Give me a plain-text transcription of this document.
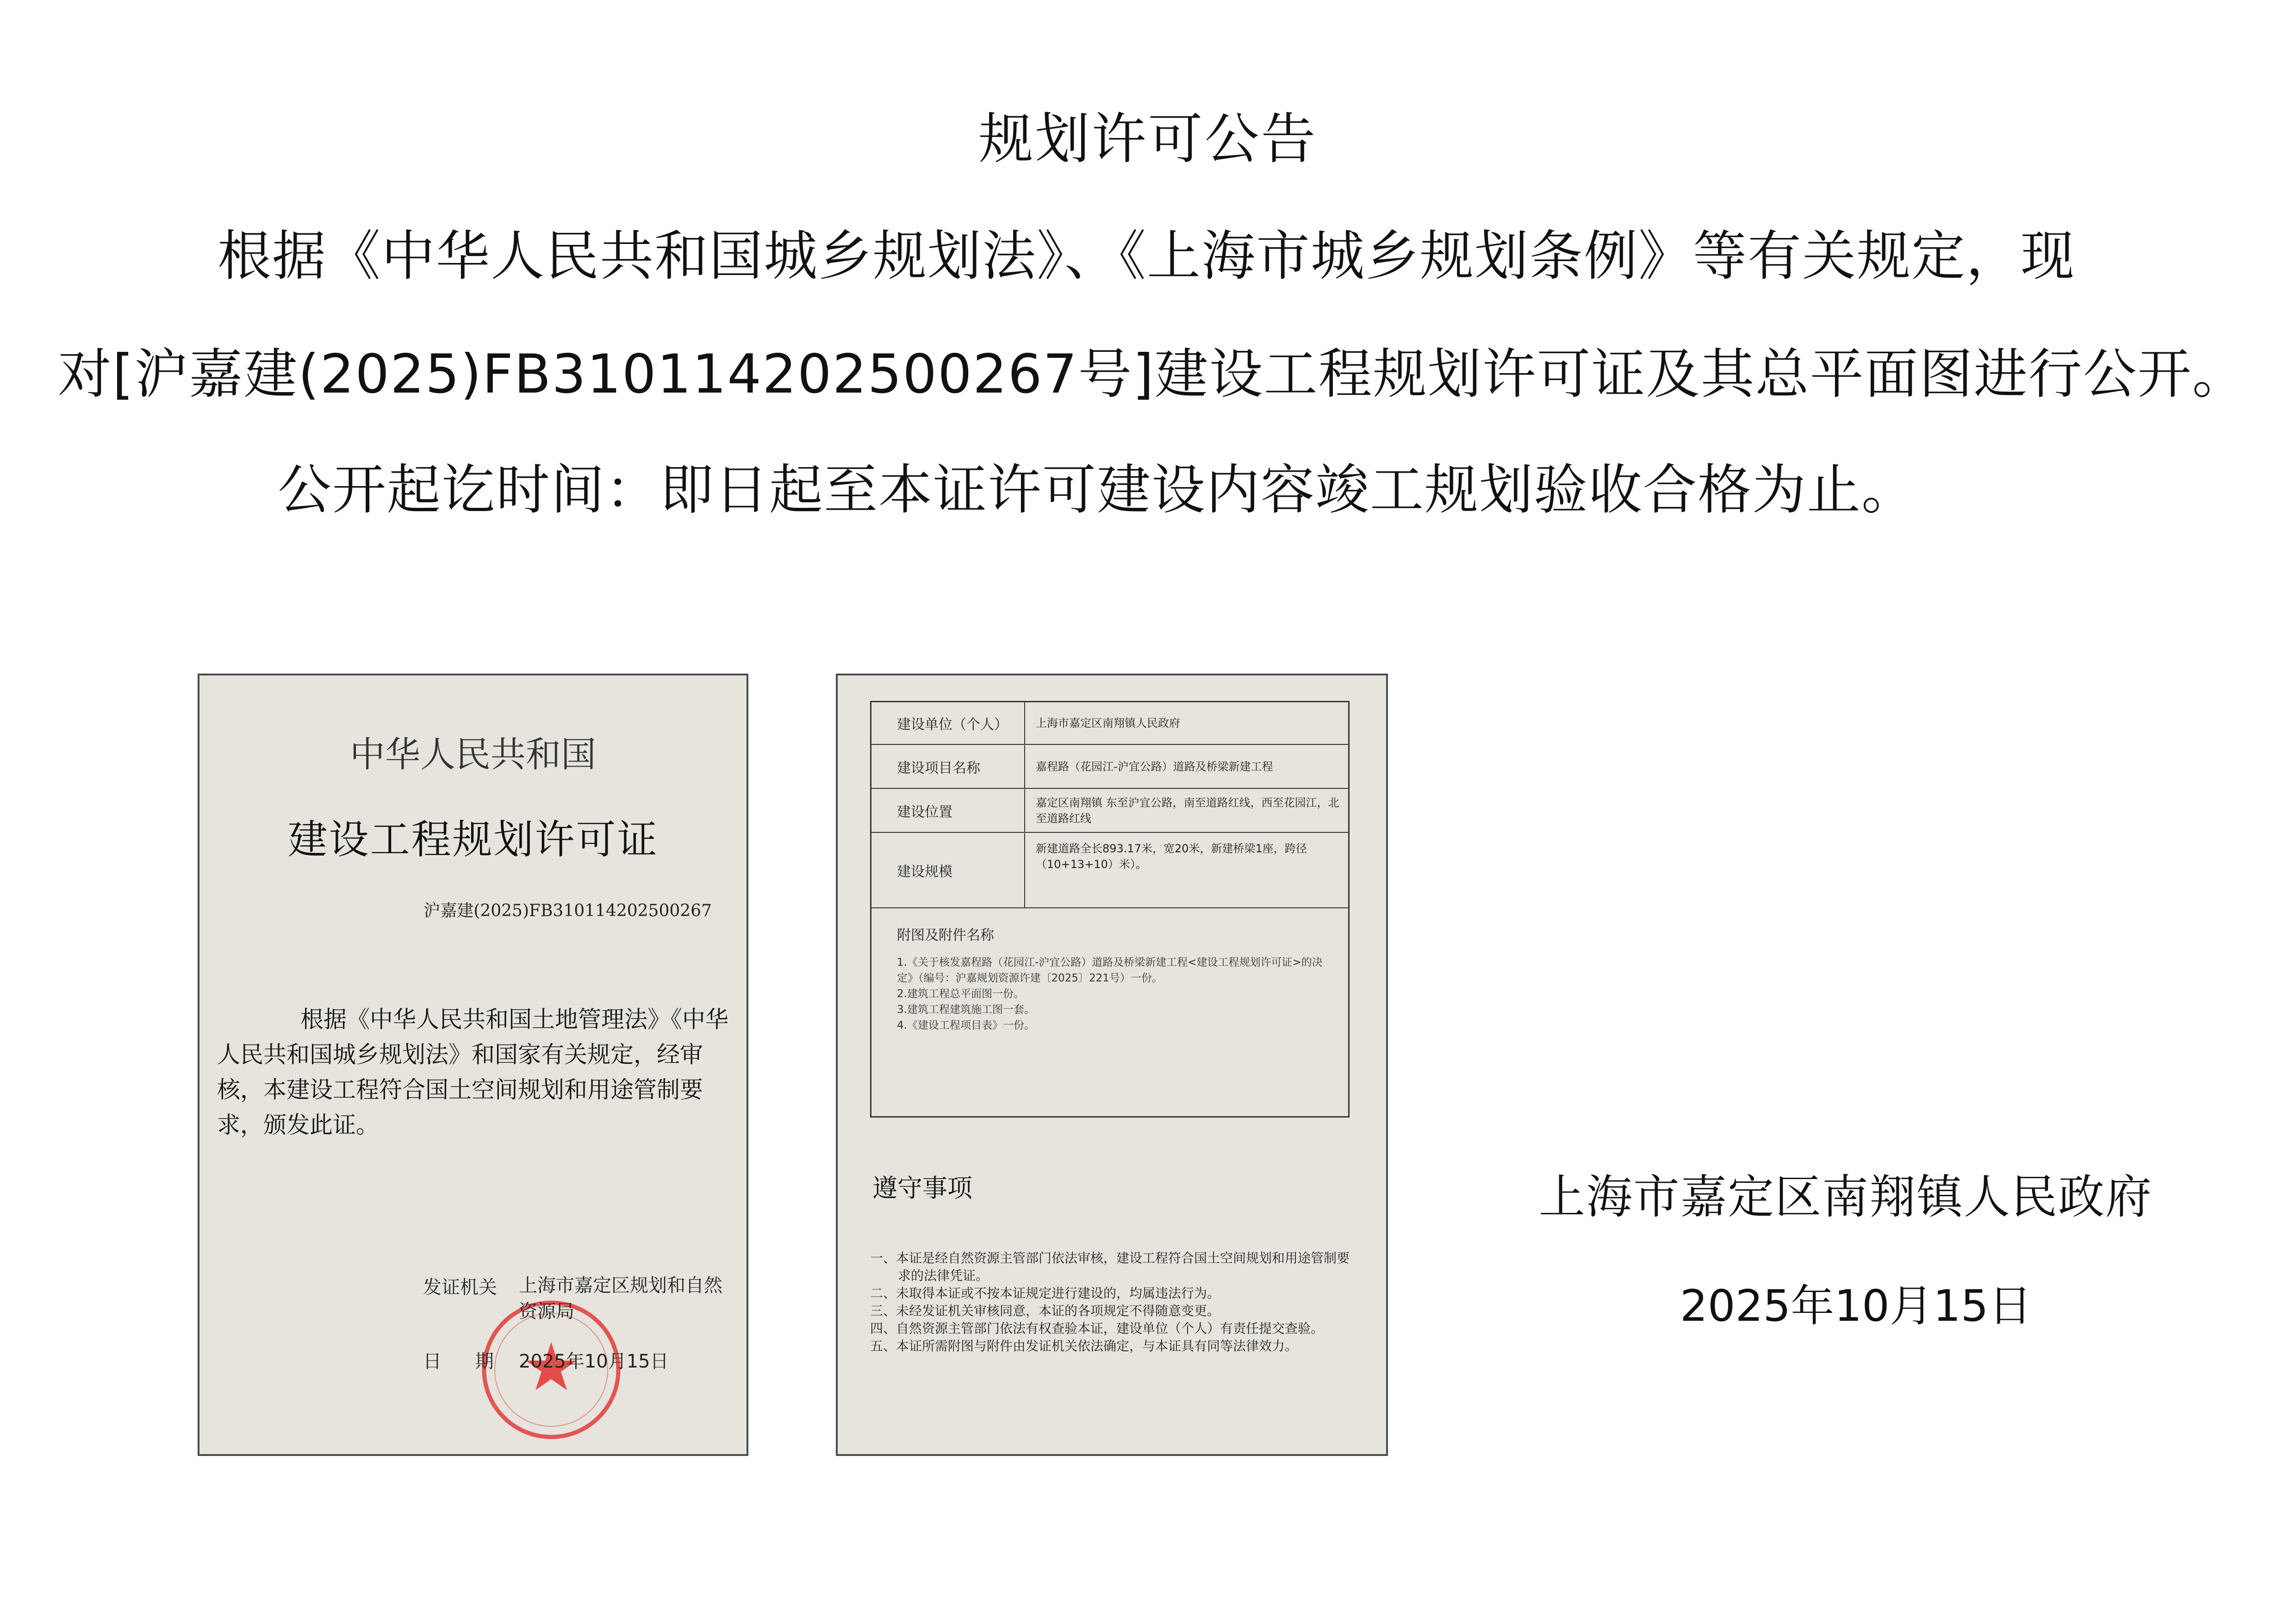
规划许可公告
根据《中华人民共和国城乡规划法》、《上海市城乡规划条例》等有关规定，现
对[沪嘉建(2025)FB310114202500267号]建设工程规划许可证及其总平面图进行公开。
公开起讫时间：即日起至本证许可建设内容竣工规划验收合格为止。
中华人民共和国
建设工程规划许可证
沪嘉建(2025)FB310114202500267
根据《中华人民共和国土地管理法》《中华人民共和国城乡规划法》和国家有关规定，经审核，本建设工程符合国土空间规划和用途管制要求，颁发此证。
发证机关 上海市嘉定区规划和自然资源局
日 期 2025年10月15日
建设单位（个人）	上海市嘉定区南翔镇人民政府
建设项目名称	嘉程路（花园江-沪宜公路）道路及桥梁新建工程
建设位置
嘉定区南翔镇 东至沪宜公路，南至道路红线，西至花园江，北至道路红线
建设规模
新建道路全长893.17米，宽20米，新建桥梁1座，跨径（10+13+10）米）。
附图及附件名称
1.《关于核发嘉程路（花园江-沪宜公路）道路及桥梁新建工程<建设工程规划许可证>的决定》（编号：沪嘉规划资源许建〔2025〕221号）一份。
2.建筑工程总平面图一份。
3.建筑工程建筑施工图一套。
4.《建设工程项目表》一份。
遵守事项
一、本证是经自然资源主管部门依法审核，建设工程符合国土空间规划和用途管制要求的法律凭证。
二、未取得本证或不按本证规定进行建设的，均属违法行为。
三、未经发证机关审核同意，本证的各项规定不得随意变更。
四、自然资源主管部门依法有权查验本证，建设单位（个人）有责任提交查验。
五、本证所需附图与附件由发证机关依法确定，与本证具有同等法律效力。
上海市嘉定区南翔镇人民政府
2025年10月15日
